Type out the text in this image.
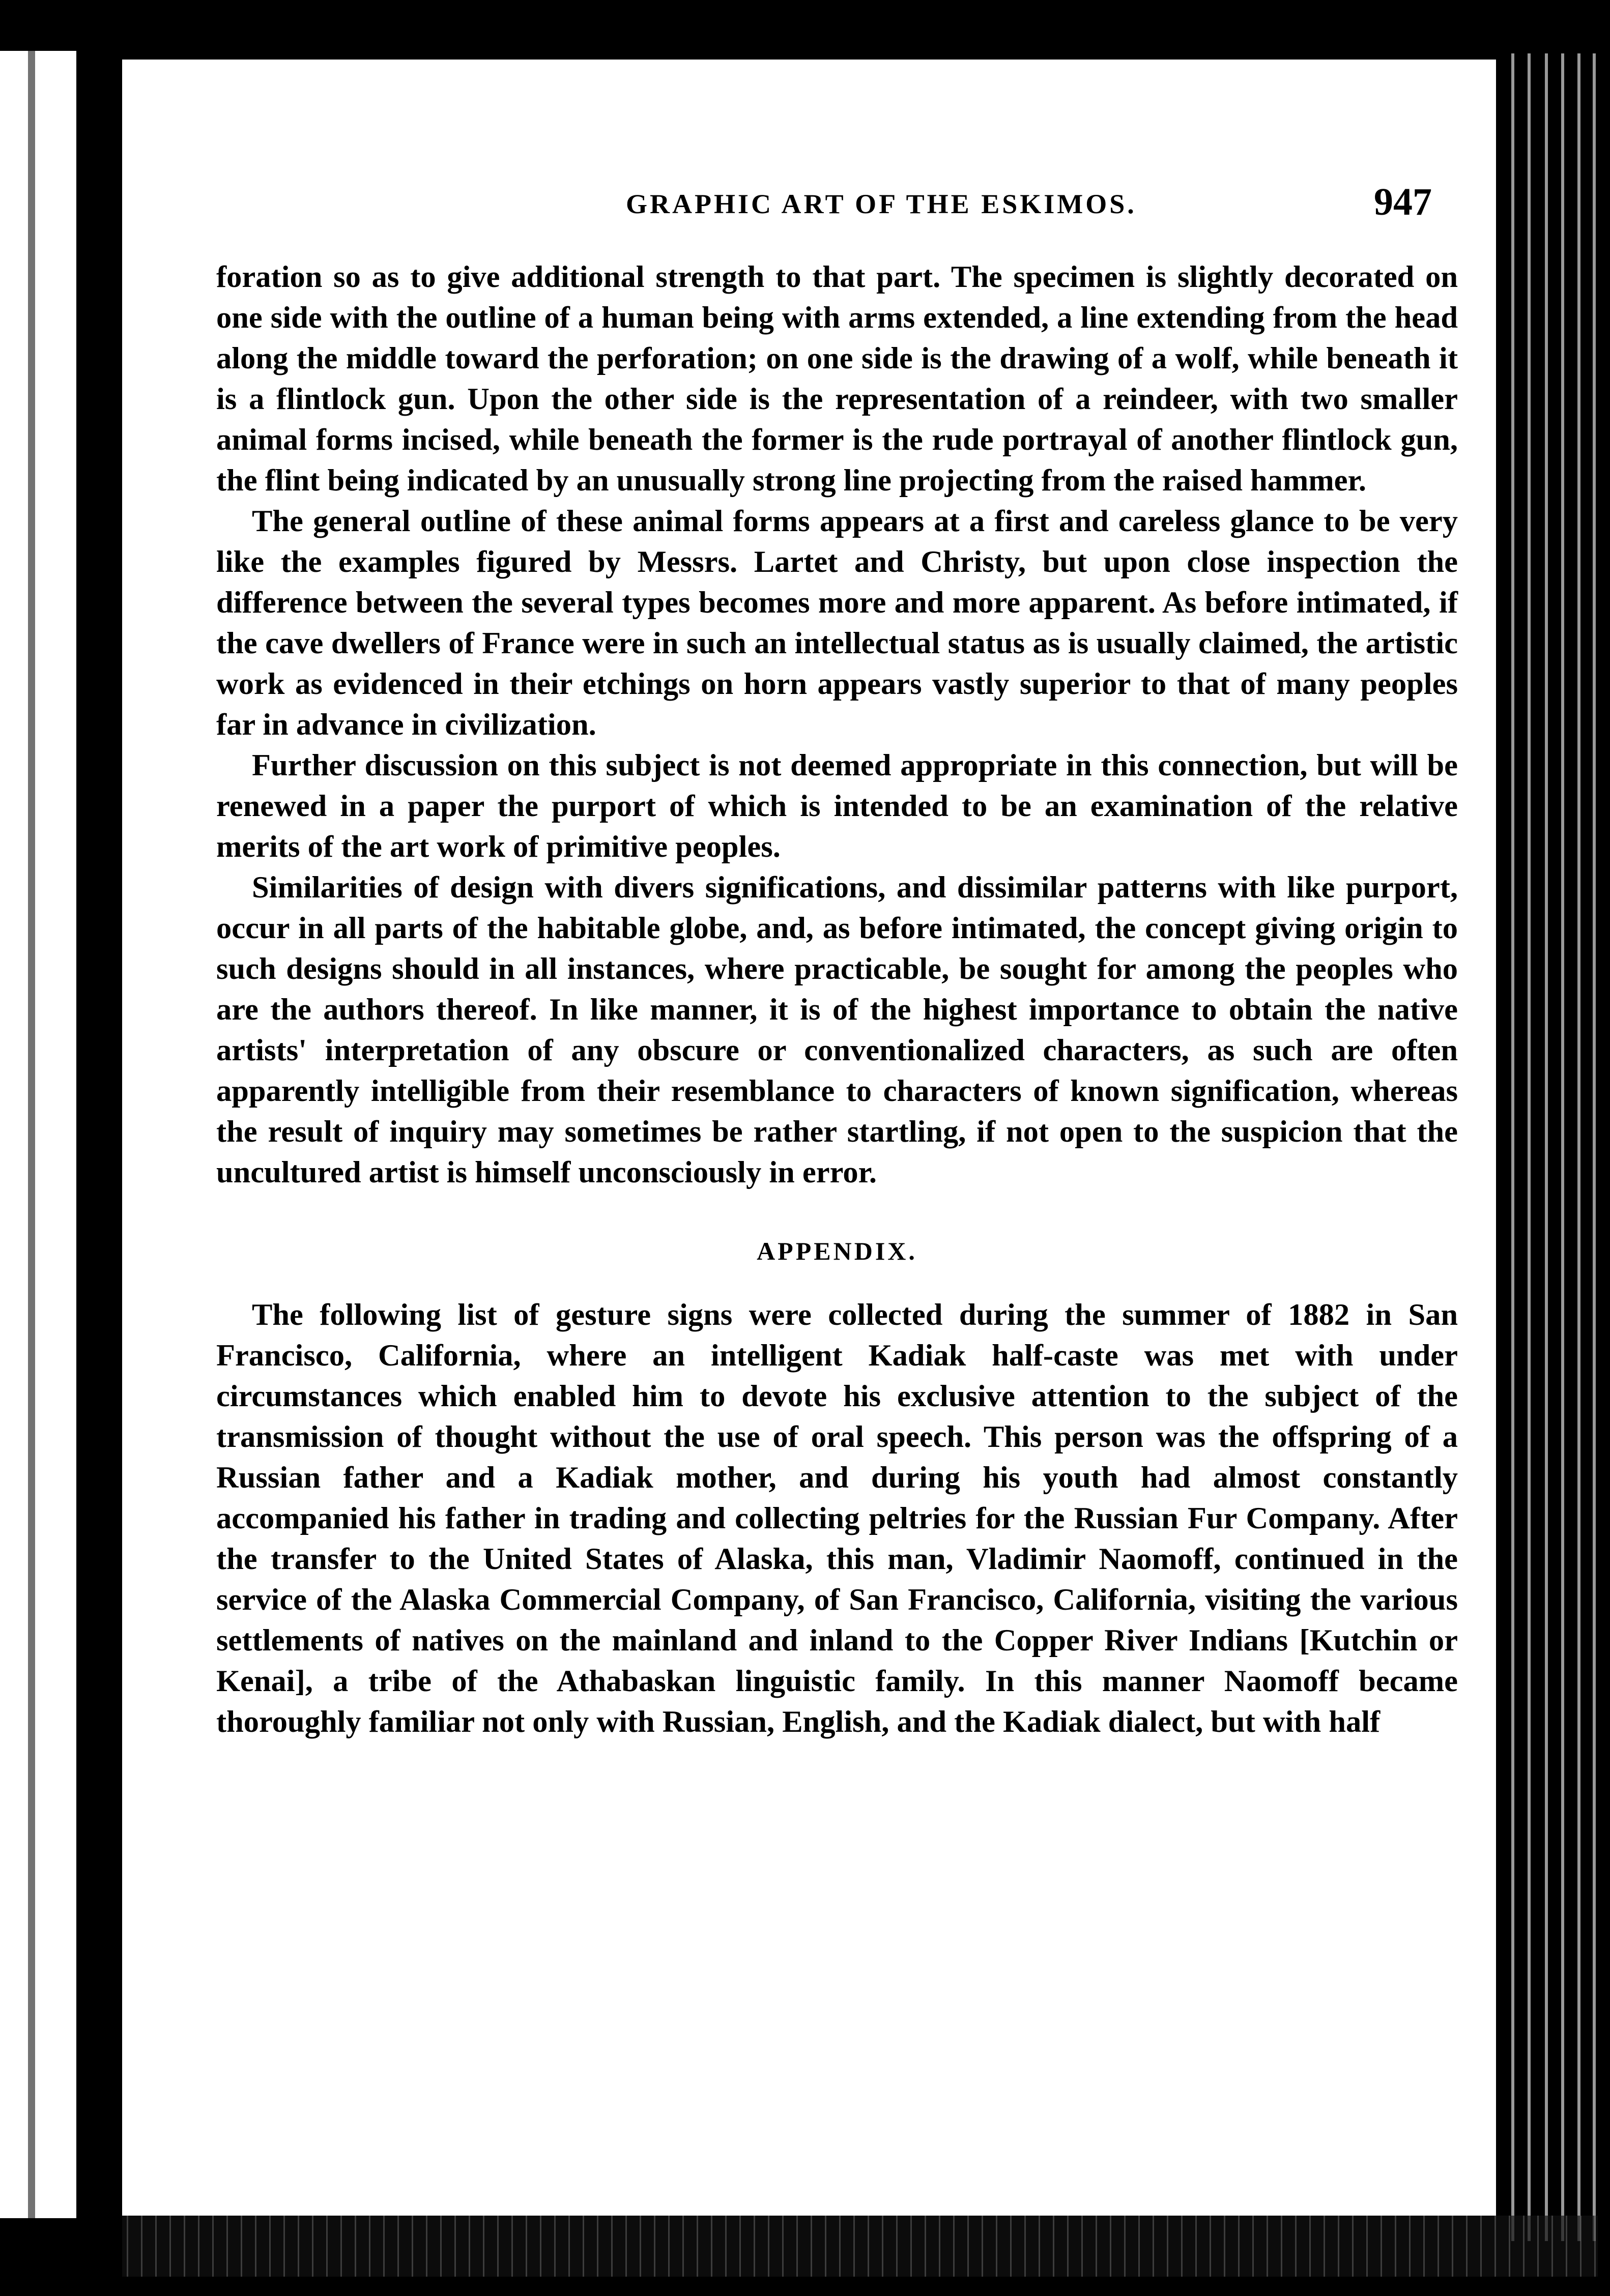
GRAPHIC ART OF THE ESKIMOS.	947

foration so as to give additional strength to that part. The specimen is slightly decorated on one side with the outline of a human being with arms extended, a line extending from the head along the middle toward the perforation; on one side is the drawing of a wolf, while beneath it is a flintlock gun. Upon the other side is the representation of a reindeer, with two smaller animal forms incised, while beneath the former is the rude portrayal of another flintlock gun, the flint being indicated by an unusually strong line projecting from the raised hammer.

The general outline of these animal forms appears at a first and careless glance to be very like the examples figured by Messrs. Lartet and Christy, but upon close inspection the difference between the several types becomes more and more apparent. As before intimated, if the cave dwellers of France were in such an intellectual status as is usually claimed, the artistic work as evidenced in their etchings on horn appears vastly superior to that of many peoples far in advance in civilization.

Further discussion on this subject is not deemed appropriate in this connection, but will be renewed in a paper the purport of which is intended to be an examination of the relative merits of the art work of primitive peoples.

Similarities of design with divers significations, and dissimilar patterns with like purport, occur in all parts of the habitable globe, and, as before intimated, the concept giving origin to such designs should in all instances, where practicable, be sought for among the peoples who are the authors thereof. In like manner, it is of the highest importance to obtain the native artists' interpretation of any obscure or conventionalized characters, as such are often apparently intelligible from their resemblance to characters of known signification, whereas the result of inquiry may sometimes be rather startling, if not open to the suspicion that the uncultured artist is himself unconsciously in error.

APPENDIX.

The following list of gesture signs were collected during the summer of 1882 in San Francisco, California, where an intelligent Kadiak half-caste was met with under circumstances which enabled him to devote his exclusive attention to the subject of the transmission of thought without the use of oral speech. This person was the offspring of a Russian father and a Kadiak mother, and during his youth had almost constantly accompanied his father in trading and collecting peltries for the Russian Fur Company. After the transfer to the United States of Alaska, this man, Vladimir Naomoff, continued in the service of the Alaska Commercial Company, of San Francisco, California, visiting the various settlements of natives on the mainland and inland to the Copper River Indians [Kutchin or Kenai], a tribe of the Athabaskan linguistic family. In this manner Naomoff became thoroughly familiar not only with Russian, English, and the Kadiak dialect, but with half
